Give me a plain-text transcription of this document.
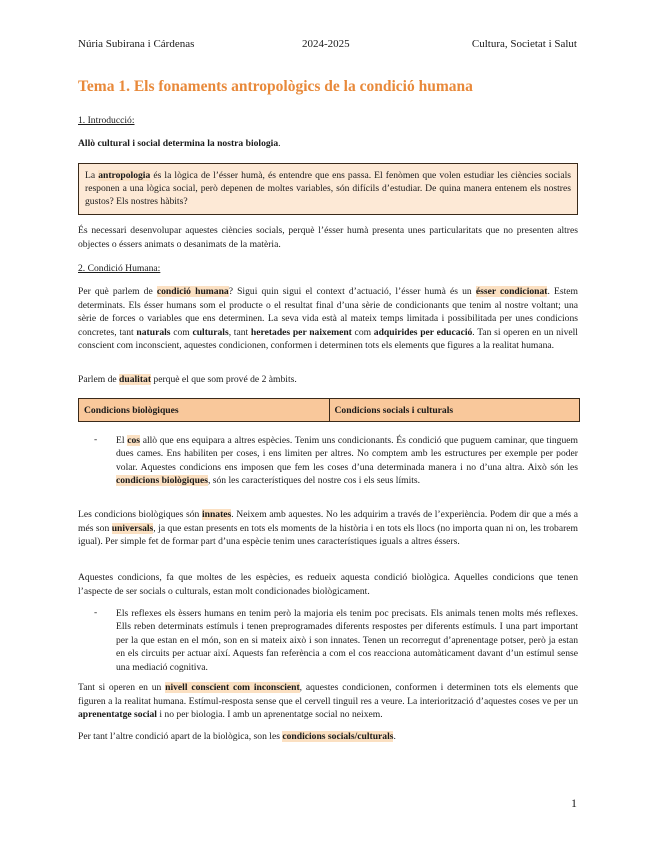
Núria Subirana i Cárdenas	2024-2025	Cultura, Societat i Salut
Tema 1. Els fonaments antropològics de la condició humana
1. Introducció:
Allò cultural i social determina la nostra biologia.
La antropologia és la lògica de l’ésser humà, és entendre que ens passa. El fenòmen que volen estudiar les ciències socials responen a una lògica social, però depenen de moltes variables, són difícils d’estudiar. De quina manera entenem els nostres gustos? Els nostres hàbits?
És necessari desenvolupar aquestes ciències socials, perquè l’ésser humà presenta unes particularitats que no presenten altres objectes o éssers animats o desanimats de la matèria.
2. Condició Humana:
Per què parlem de condició humana? Sigui quin sigui el context d’actuació, l’ésser humà és un ésser condicionat. Estem determinats. Els ésser humans som el producte o el resultat final d’una sèrie de condicionants que tenim al nostre voltant; una sèrie de forces o variables que ens determinen. La seva vida està al mateix temps limitada i possibilitada per unes condicions concretes, tant naturals com culturals, tant heretades per naixement com adquirides per educació. Tan si operen en un nivell conscient com inconscient, aquestes condicionen, conformen i determinen tots els elements que figures a la realitat humana.
Parlem de dualitat perquè el que som prové de 2 àmbits.
Condicions biològiques	Condicions socials i culturals
- El cos allò que ens equipara a altres espècies. Tenim uns condicionants. És condició que puguem caminar, que tinguem dues cames. Ens habiliten per coses, i ens limiten per altres. No comptem amb les estructures per exemple per poder volar. Aquestes condicions ens imposen que fem les coses d’una determinada manera i no d’una altra. Això són les condicions biològiques, són les característiques del nostre cos i els seus límits.
Les condicions biològiques són innates. Neixem amb aquestes. No les adquirim a través de l’experiència. Podem dir que a més a més son universals, ja que estan presents en tots els moments de la història i en tots els llocs (no importa quan ni on, les trobarem igual). Per simple fet de formar part d’una espècie tenim unes característiques iguals a altres éssers.
Aquestes condicions, fa que moltes de les espècies, es redueix aquesta condició biològica. Aquelles condicions que tenen l’aspecte de ser socials o culturals, estan molt condicionades biològicament.
- Els reflexes els èssers humans en tenim però la majoria els tenim poc precisats. Els animals tenen molts més reflexes. Ells reben determinats estímuls i tenen preprogramades diferents respostes per diferents estímuls. I una part important per la que estan en el món, son en si mateix això i son innates. Tenen un recorregut d’aprenentage potser, però ja estan en els circuits per actuar així. Aquests fan referència a com el cos reacciona automàticament davant d’un estímul sense una mediació cognitiva.
Tant si operen en un nivell conscient com inconscient, aquestes condicionen, conformen i determinen tots els elements que figuren a la realitat humana. Estímul-resposta sense que el cervell tinguil res a veure. La interiorització d’aquestes coses ve per un aprenentatge social i no per biologia. I amb un aprenentatge social no neixem.
Per tant l’altre condició apart de la biològica, son les condicions socials/culturals.
1
